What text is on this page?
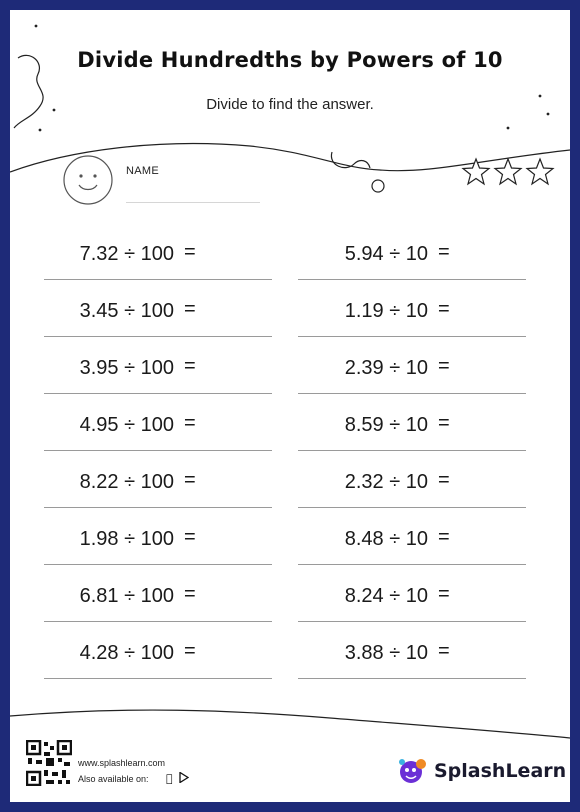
Divide Hundredths by Powers of 10
Divide to find the answer.
NAME
7.32 ÷ 100 =
3.45 ÷ 100 =
3.95 ÷ 100 =
4.95 ÷ 100 =
8.22 ÷ 100 =
1.98 ÷ 100 =
6.81 ÷ 100 =
4.28 ÷ 100 =
5.94 ÷ 10 =
1.19 ÷ 10 =
2.39 ÷ 10 =
8.59 ÷ 10 =
2.32 ÷ 10 =
8.48 ÷ 10 =
8.24 ÷ 10 =
3.88 ÷ 10 =
www.splashlearn.com
Also available on:	SplashLearn
